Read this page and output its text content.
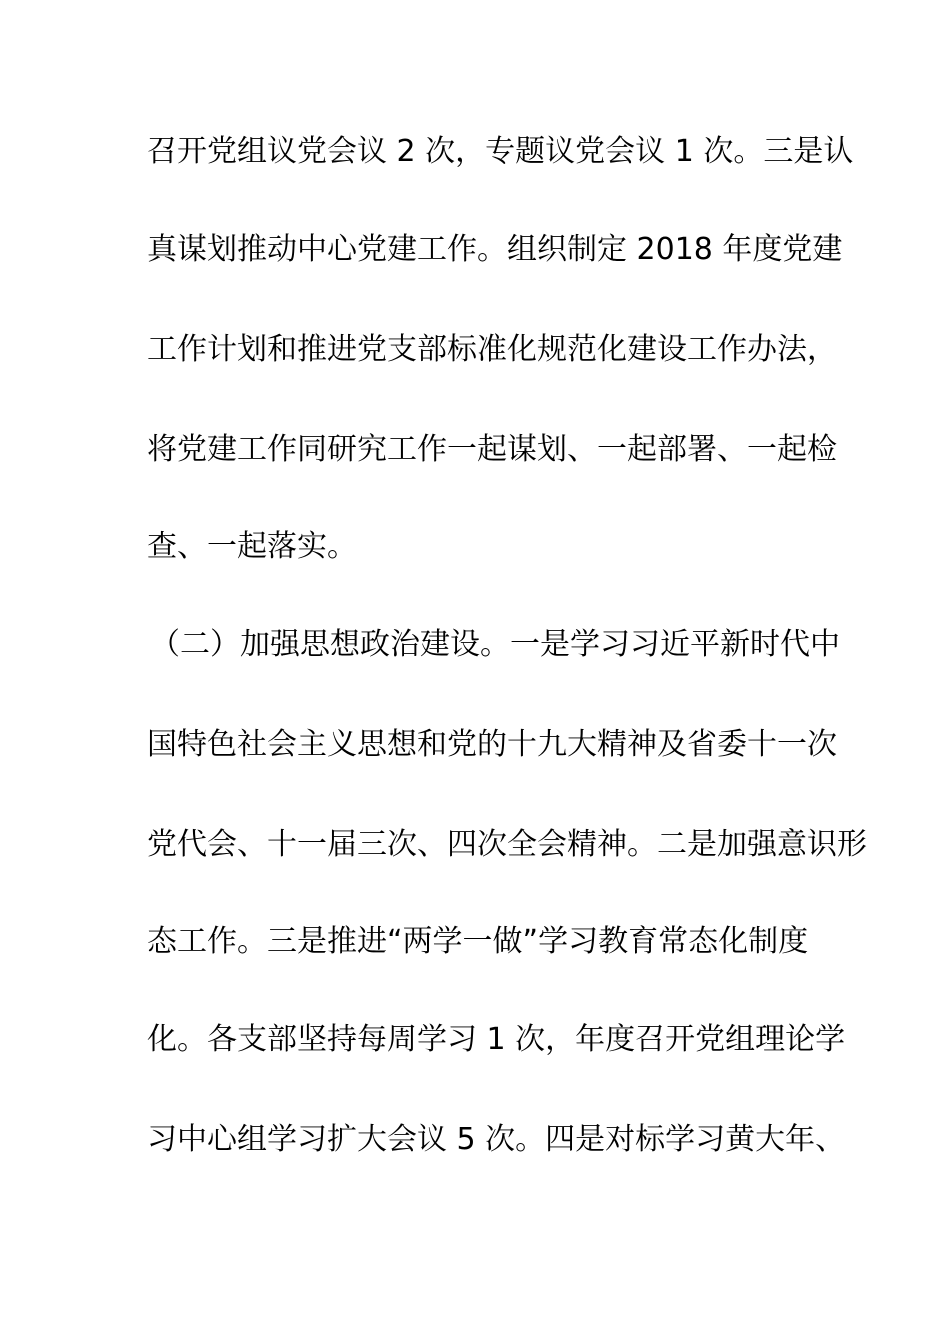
召开党组议党会议 2 次，专题议党会议 1 次。三是认
真谋划推动中心党建工作。组织制定 2018 年度党建
工作计划和推进党支部标准化规范化建设工作办法，
将党建工作同研究工作一起谋划、一起部署、一起检
查、一起落实。
（二）加强思想政治建设。一是学习习近平新时代中
国特色社会主义思想和党的十九大精神及省委十一次
党代会、十一届三次、四次全会精神。二是加强意识形
态工作。三是推进“两学一做”学习教育常态化制度
化。各支部坚持每周学习 1 次，年度召开党组理论学
习中心组学习扩大会议 5 次。四是对标学习黄大年、
